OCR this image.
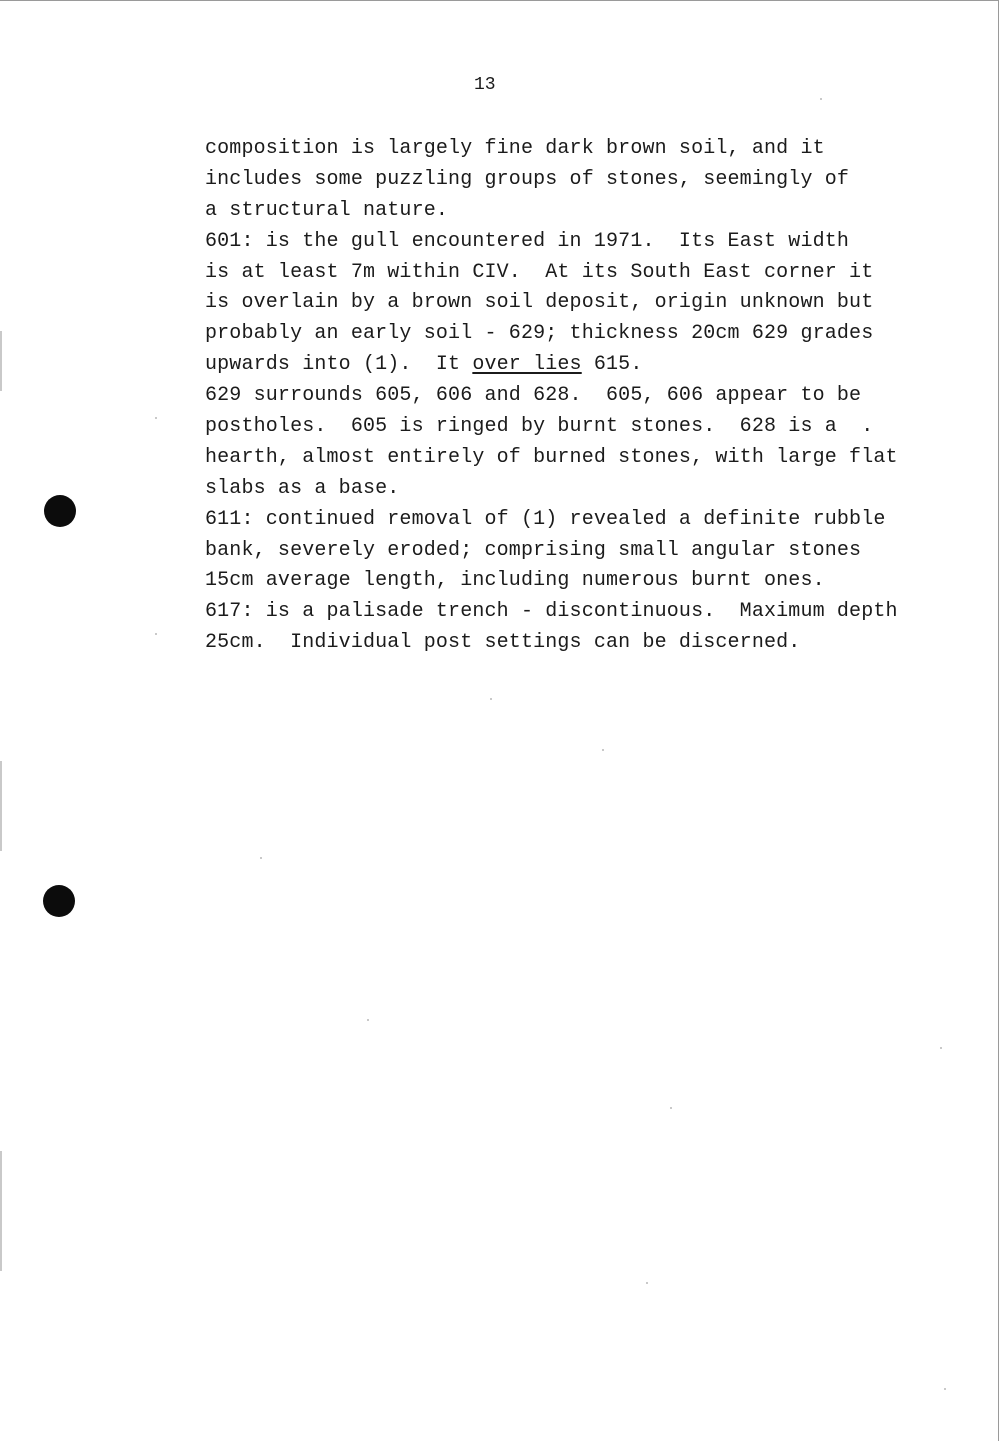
13
composition is largely fine dark brown soil, and it
includes some puzzling groups of stones, seemingly of
a structural nature.
601: is the gull encountered in 1971.  Its East width
is at least 7m within CIV.  At its South East corner it
is overlain by a brown soil deposit, origin unknown but
probably an early soil - 629; thickness 20cm 629 grades
upwards into (1).  It over lies 615.
629 surrounds 605, 606 and 628.  605, 606 appear to be
postholes.  605 is ringed by burnt stones.  628 is a  .
hearth, almost entirely of burned stones, with large flat
slabs as a base.
611: continued removal of (1) revealed a definite rubble
bank, severely eroded; comprising small angular stones
15cm average length, including numerous burnt ones.
617: is a palisade trench - discontinuous.  Maximum depth
25cm.  Individual post settings can be discerned.
